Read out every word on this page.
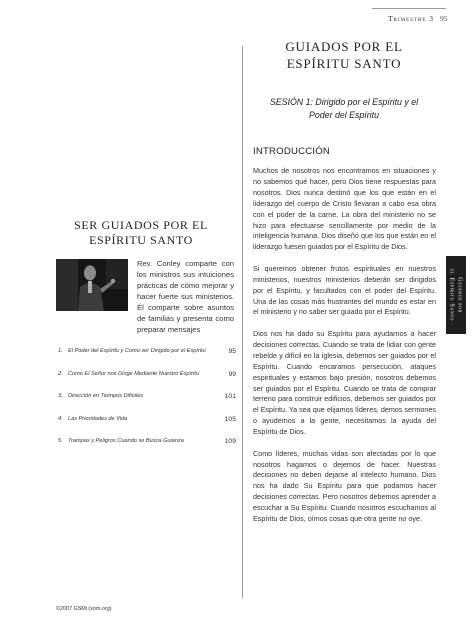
Trimestre 3 95
SER GUIADOS POR EL
ESPÍRITU SANTO
Rev. Conley comparte con los ministros sus intuiciones prácticas de cómo mejorar y hacer fuerte sus ministerios. Él comparte sobre asuntos de familias y presenta como preparar mensajes
1. El Poder del Espíritu y Como ser Dirigido por el Espíritu	95
2. Como El Señor nos Dirige Mediante Nuestro Espíritu	99
3. Dirección en Tiempos Difíciles	101
4. Las Prioridades de Vida	105
5. Trampas y Peligros Cuando se Busca Guianza	109
GUIADOS POR EL
ESPÍRITU SANTO
SESIÓN 1: Dirigido por el Espíritu y el
Poder del Espíritu
INTRODUCCIÓN

Muchos de nosotros nos encontramos en situaciones y no sabemos qué hacer, pero Dios tiene respuestas para nosotros. Dios nunca destinó que los que están en el liderazgo del cuerpo de Cristo llevaran a cabo esa obra con el poder de la carne. La obra del ministerio no se hizo para efectuarse sencillamente por medio de la inteligencia humana. Dios diseñó que los que están en el liderazgo fuesen guiados por el Espíritu de Dios.

Si queremos obtener frutos espirituales en nuestros ministerios, nuestros ministerios deberán ser dirigidos por el Espíritu, y facultados con el poder del Espíritu. Una de las cosas más frustrantes del mundo es estar en el ministerio y no saber ser guiado por el Espíritu.

Dios nos ha dado su Espíritu para ayudarnos a hacer decisiones correctas. Cuando se trata de lidiar con gente rebelde y difícil en la iglesia, debemos ser guiados por el Espíritu. Cuando encaramos persecución, ataques espirituales y estamos bajo presión, nosotros debemos ser guiados por el Espíritu. Cuando se trata de comprar terreno para construir edificios, debemos ser guiados por el Espíritu. Ya sea que elijamos líderes, demos sermones o ayudemos a la gente, necesitamos la ayuda del Espíritu de Dios.

Como líderes, muchas vidas son afectadas por lo que nosotros hagamos o dejemos de hacer. Nuestras decisiones no deben dejarse al intelecto humano. Dios nos ha dado Su Espíritu para que podamos hacer decisiones correctas. Pero nosotros debemos aprender a escuchar a Su Espíritu. Cuando nosotros escuchamos al Espíritu de Dios, oímos cosas que otra gente no oye.

Guiados por
el Espíritu Santo
©2007 GSMi (som.org)
